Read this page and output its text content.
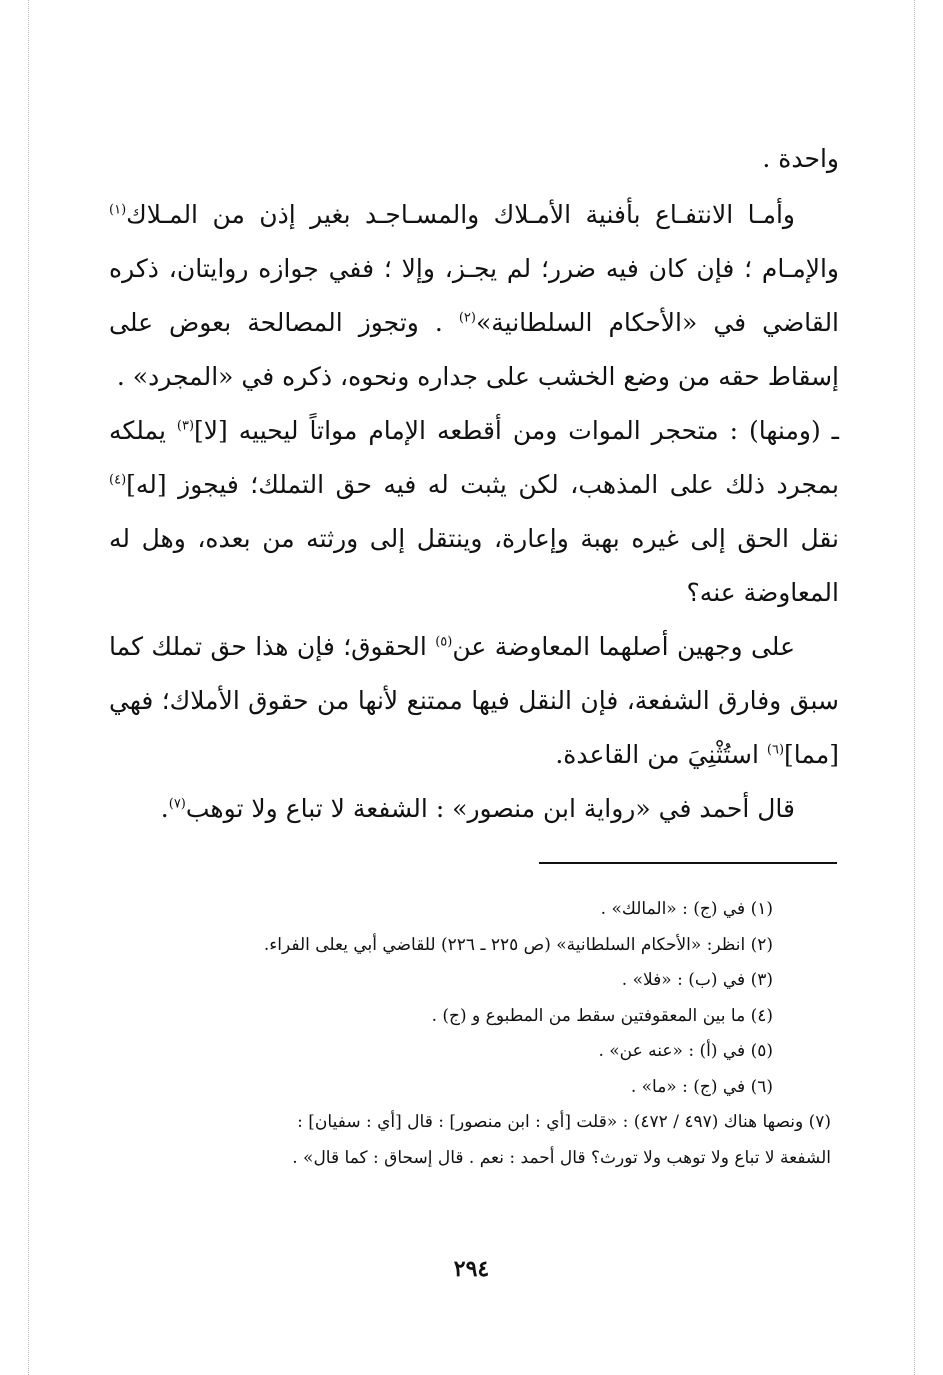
واحدة .

وأمـا الانتفـاع بأفنية الأمـلاك والمسـاجـد بغير إذن من المـلاك$^{(١)}$ والإمـام ؛ فإن كان فيه ضرر؛ لم يجـز، وإلا ؛ ففي جوازه روايتان، ذكره القاضي في «الأحكام السلطانية»$^{(٢)}$ . وتجوز المصالحة بعوض على إسقاط حقه من وضع الخشب على جداره ونحوه، ذكره في «المجرد» .

ـ (ومنها) : متحجر الموات ومن أقطعه الإمام مواتاً ليحييه [لا]$^{(٣)}$ يملكه بمجرد ذلك على المذهب، لكن يثبت له فيه حق التملك؛ فيجوز [له]$^{(٤)}$ نقل الحق إلى غيره بهبة وإعارة، وينتقل إلى ورثته من بعده، وهل له المعاوضة عنه؟

على وجهين أصلهما المعاوضة عن$^{(٥)}$ الحقوق؛ فإن هذا حق تملك كما سبق وفارق الشفعة، فإن النقل فيها ممتنع لأنها من حقوق الأملاك؛ فهي [مما]$^{(٦)}$ استُثْنِيَ من القاعدة.

قال أحمد في «رواية ابن منصور» : الشفعة لا تباع ولا توهب$^{(٧)}$.

(١) في (ج) : «المالك» .

(٢) انظر: «الأحكام السلطانية» (ص ٢٢٥ ـ ٢٢٦) للقاضي أبي يعلى الفراء.

(٣) في (ب) : «فلا» .

(٤) ما بين المعقوفتين سقط من المطبوع و (ج) .

(٥) في (أ) : «عنه عن» .

(٦) في (ج) : «ما» .

(٧) ونصها هناك (٤٩٧ / ٤٧٢) : «قلت [أي : ابن منصور] : قال [أي : سفيان] :

الشفعة لا تباع ولا توهب ولا تورث؟ قال أحمد : نعم . قال إسحاق : كما قال» .

٢٩٤
